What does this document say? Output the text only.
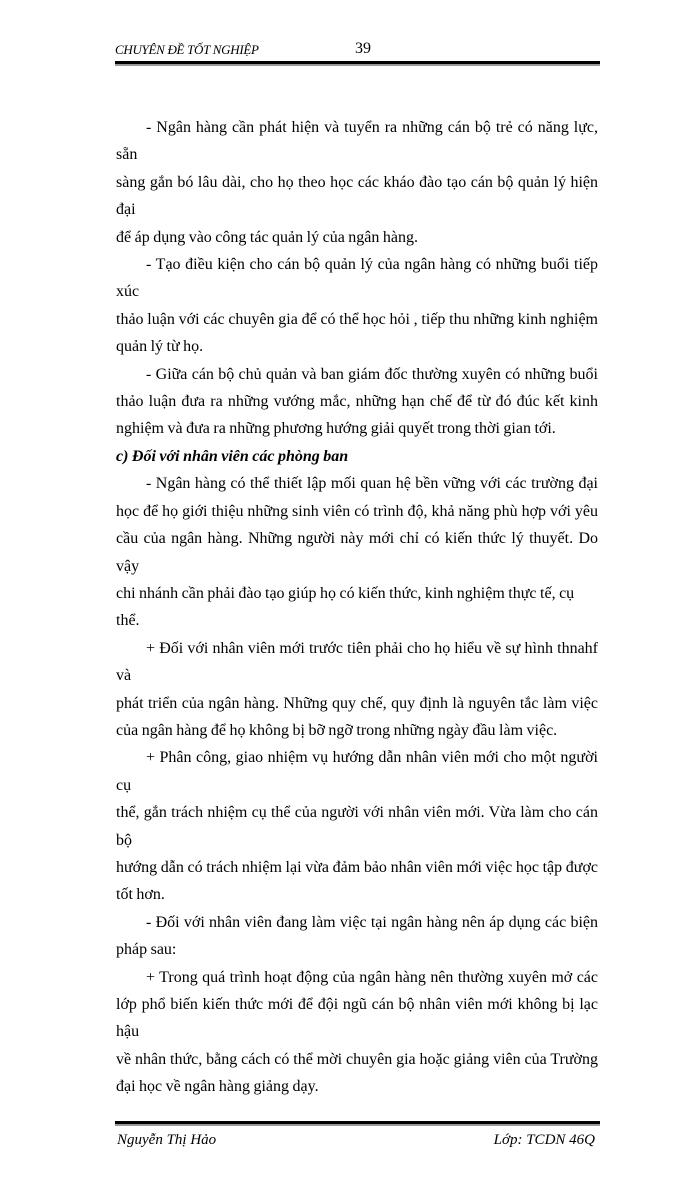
CHUYÊN ĐỀ TỐT NGHIỆP	39
- Ngân hàng cần phát hiện và tuyển ra những cán bộ trẻ có năng lực, sẵn
sàng gắn bó lâu dài, cho họ theo học các kháo đào tạo cán bộ quản lý hiện đại
để áp dụng vào công tác quản lý của ngân hàng.
- Tạo điều kiện cho cán bộ quản lý của ngân hàng có những buổi tiếp xúc
thảo luận với các chuyên gia để có thể học hỏi , tiếp thu những kinh nghiệm
quản lý từ họ.
- Giữa cán bộ chủ quản và ban giám đốc thường xuyên có những buổi
thảo luận đưa ra những vướng mắc, những hạn chế để từ đó đúc kết kinh
nghiệm và đưa ra những phương hướng giải quyết trong thời gian tới.
c) Đối với nhân viên các phòng ban
- Ngân hàng có thể thiết lập mối quan hệ bền vững với các trường đại
học để họ giới thiệu những sinh viên có trình độ, khả năng phù hợp với yêu
cầu của ngân hàng. Những người này mới chỉ có kiến thức lý thuyết. Do vậy
chi nhánh cần phải đào tạo giúp họ có kiến thức, kinh nghiệm thực tế, cụ thể.
+ Đối với nhân viên mới trước tiên phải cho họ hiểu về sự hình thnahf và
phát triển của ngân hàng. Những quy chế, quy định là nguyên tắc làm việc
của ngân hàng để họ không bị bỡ ngỡ trong những ngày đầu làm việc.
+ Phân công, giao nhiệm vụ hướng dẫn nhân viên mới cho một người cụ
thể, gắn trách nhiệm cụ thể của người với nhân viên mới. Vừa làm cho cán bộ
hướng dẫn có trách nhiệm lại vừa đảm bảo nhân viên mới việc học tập được
tốt hơn.
- Đối với nhân viên đang làm việc tại ngân hàng nên áp dụng các biện
pháp sau:
+ Trong quá trình hoạt động của ngân hàng nên thường xuyên mở các
lớp phổ biến kiến thức mới để đội ngũ cán bộ nhân viên mới không bị lạc hậu
về nhân thức, bằng cách có thể mời chuyên gia hoặc giảng viên của Trường
đại học về ngân hàng giảng dạy.
Nguyễn Thị Hảo	Lớp: TCDN 46Q
